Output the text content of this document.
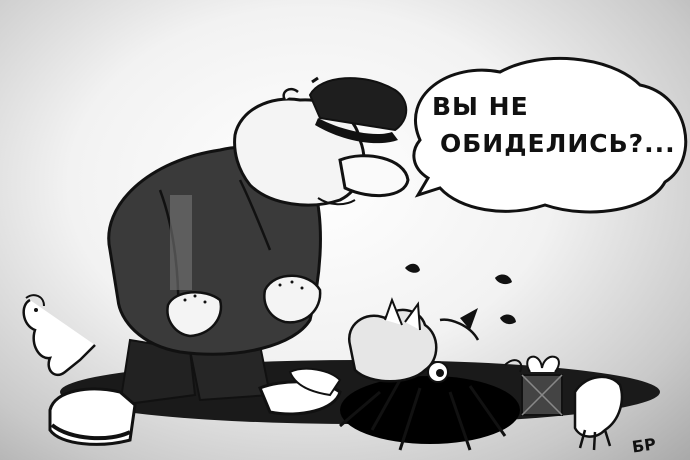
ВЫ НЕ
ОБИДЕЛИСЬ?...
БР
